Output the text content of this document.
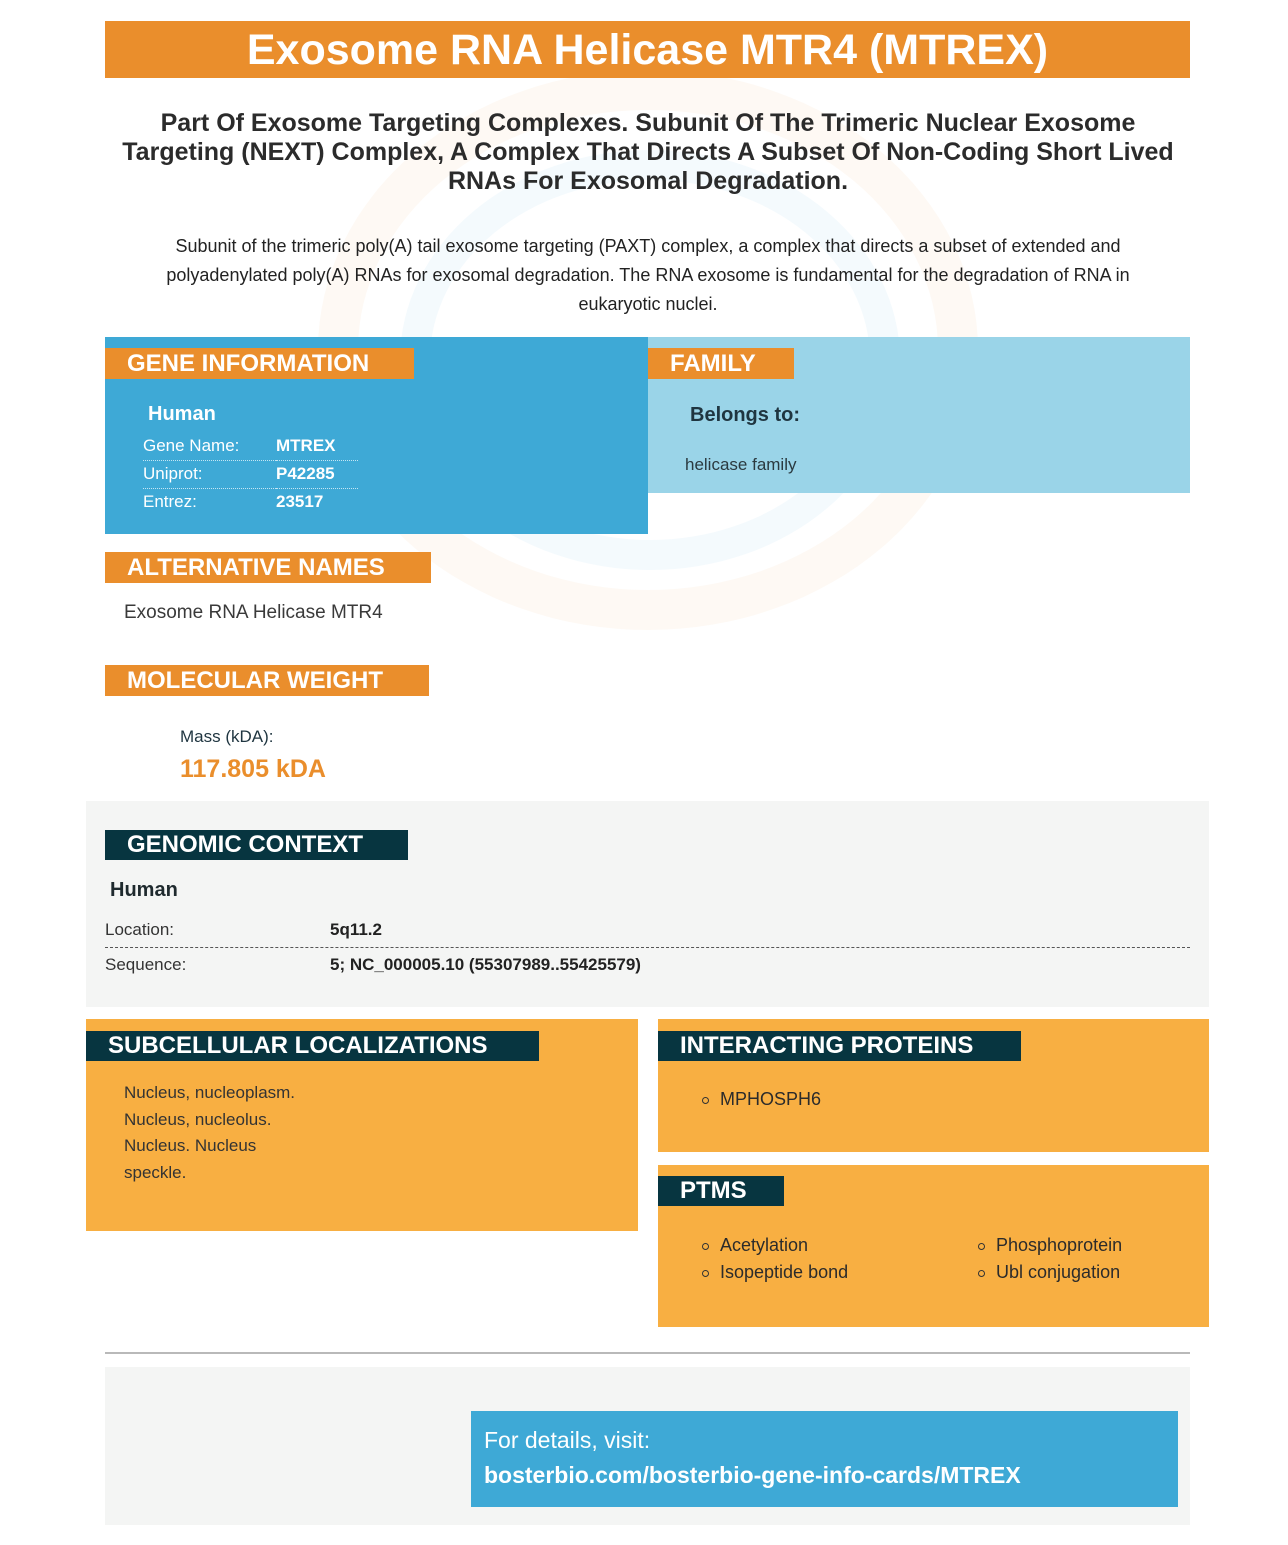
Exosome RNA Helicase MTR4 (MTREX)
Part Of Exosome Targeting Complexes. Subunit Of The Trimeric Nuclear Exosome Targeting (NEXT) Complex, A Complex That Directs A Subset Of Non-Coding Short Lived RNAs For Exosomal Degradation.
Subunit of the trimeric poly(A) tail exosome targeting (PAXT) complex, a complex that directs a subset of extended and polyadenylated poly(A) RNAs for exosomal degradation. The RNA exosome is fundamental for the degradation of RNA in eukaryotic nuclei.
GENE INFORMATION
Human
Gene Name:	MTREX
Uniprot:	P42285
Entrez:	23517
FAMILY
Belongs to:
helicase family
ALTERNATIVE NAMES
Exosome RNA Helicase MTR4
MOLECULAR WEIGHT
Mass (kDA):
117.805 kDA
GENOMIC CONTEXT
Human
Location:	5q11.2
Sequence:	5; NC_000005.10 (55307989..55425579)
SUBCELLULAR LOCALIZATIONS
Nucleus, nucleoplasm.
Nucleus, nucleolus.
Nucleus. Nucleus
speckle.
INTERACTING PROTEINS
MPHOSPH6
PTMS
Acetylation
Isopeptide bond
Phosphoprotein
Ubl conjugation
For details, visit:
bosterbio.com/bosterbio-gene-info-cards/MTREX
